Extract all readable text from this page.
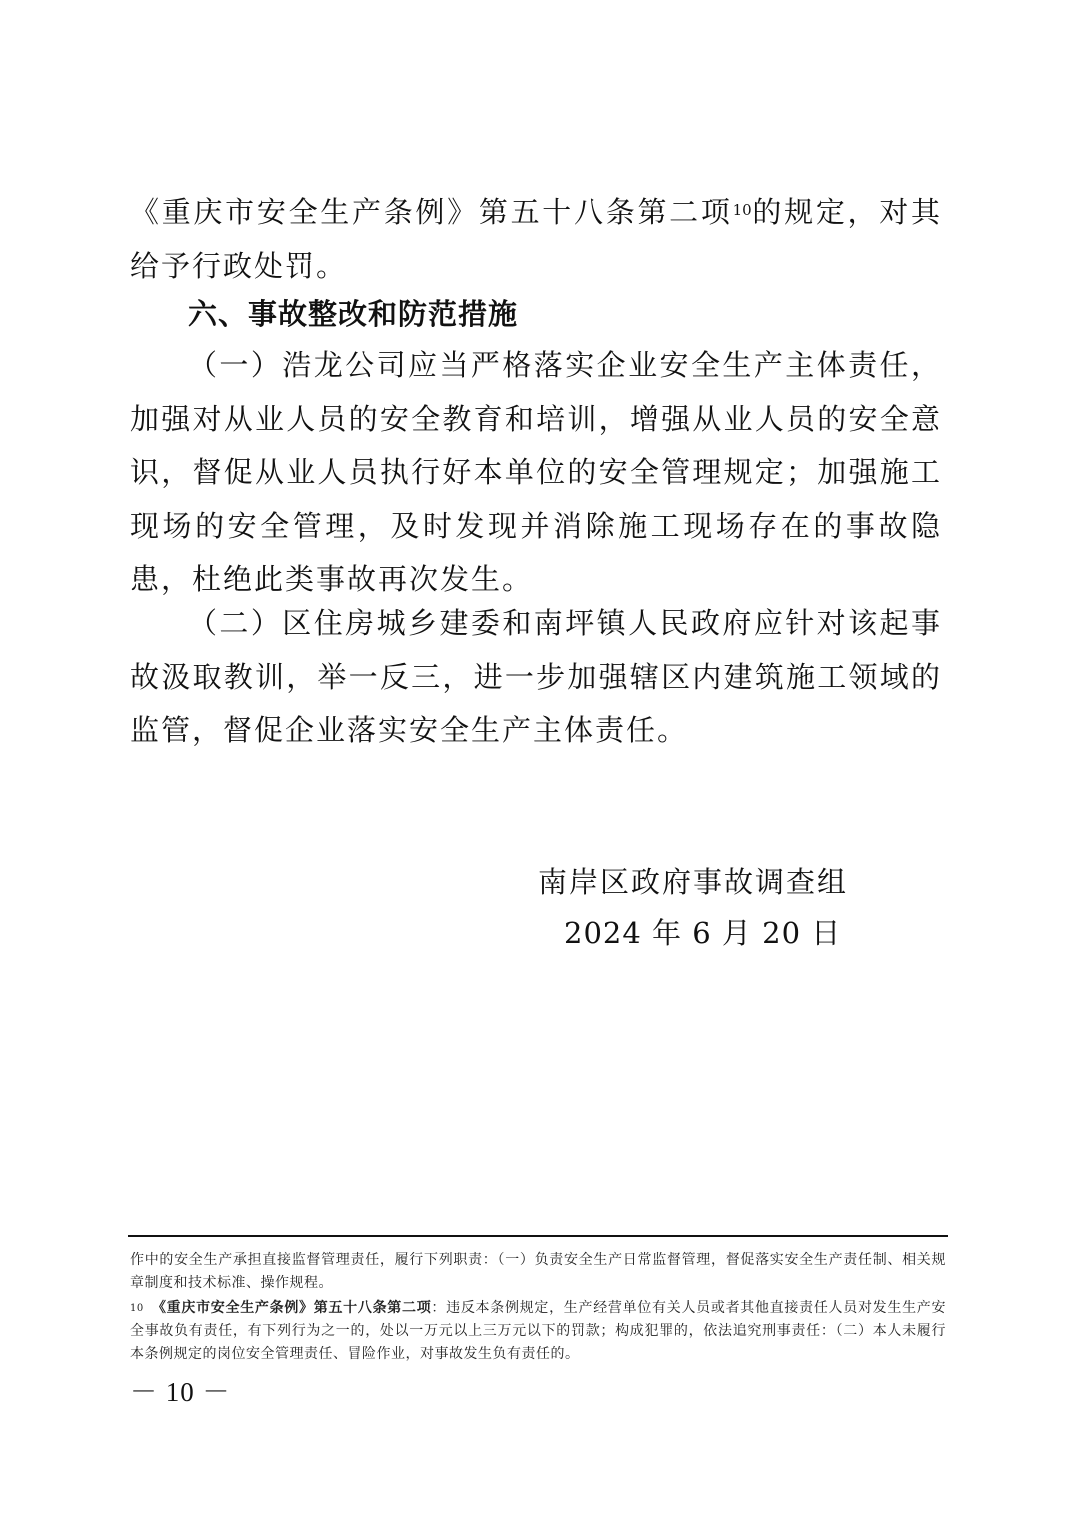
《重庆市安全生产条例》第五十八条第二项$^{10}$的规定，对其给予行政处罚。

六、事故整改和防范措施

（一）浩龙公司应当严格落实企业安全生产主体责任，加强对从业人员的安全教育和培训，增强从业人员的安全意识，督促从业人员执行好本单位的安全管理规定；加强施工现场的安全管理，及时发现并消除施工现场存在的事故隐患，杜绝此类事故再次发生。

（二）区住房城乡建委和南坪镇人民政府应针对该起事故汲取教训，举一反三，进一步加强辖区内建筑施工领域的监管，督促企业落实安全生产主体责任。

南岸区政府事故调查组

2024 年 6 月 20 日

作中的安全生产承担直接监督管理责任，履行下列职责：（一）负责安全生产日常监督管理，督促落实安全生产责任制、相关规章制度和技术标准、操作规程。

$^{10}$ 《重庆市安全生产条例》第五十八条第二项：违反本条例规定，生产经营单位有关人员或者其他直接责任人员对发生生产安全事故负有责任，有下列行为之一的，处以一万元以上三万元以下的罚款；构成犯罪的，依法追究刑事责任：（二）本人未履行本条例规定的岗位安全管理责任、冒险作业，对事故发生负有责任的。

－ 10 －
